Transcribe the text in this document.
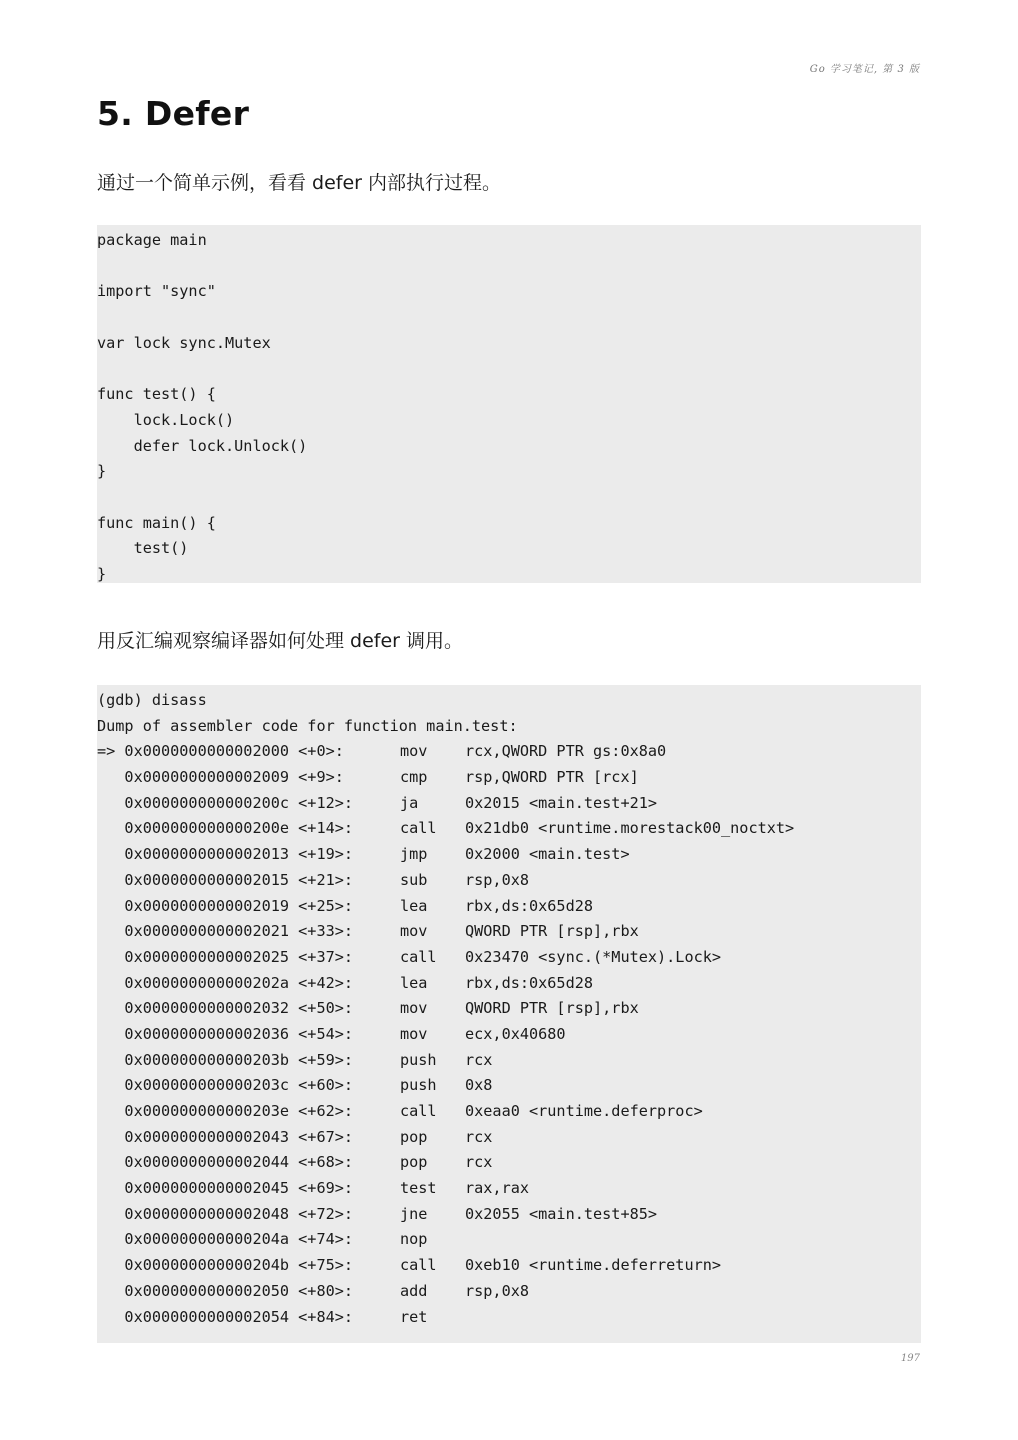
Go 学习笔记, 第 3 版
5. Defer

通过一个简单示例，看看 defer 内部执行过程。

package main
import "sync"
var lock sync.Mutex
func test() {
lock.Lock()
defer lock.Unlock()
}
func main() {
test()
}

用反汇编观察编译器如何处理 defer 调用。

(gdb) disass
Dump of assembler code for function main.test:
=> 0x0000000000002000 <+0>:	mov rcx,QWORD PTR gs:0x8a0
0x0000000000002009 <+9>:	cmp rsp,QWORD PTR [rcx]
0x000000000000200c <+12>:	ja	0x2015 <main.test+21>
0x000000000000200e <+14>:	call 0x21db0 <runtime.morestack00_noctxt>
0x0000000000002013 <+19>:	jmp 0x2000 <main.test>
0x0000000000002015 <+21>:	sub rsp,0x8
0x0000000000002019 <+25>:	lea rbx,ds:0x65d28
0x0000000000002021 <+33>:	mov QWORD PTR [rsp],rbx
0x0000000000002025 <+37>:	call 0x23470 <sync.(*Mutex).Lock>
0x000000000000202a <+42>:	lea rbx,ds:0x65d28
0x0000000000002032 <+50>:	mov QWORD PTR [rsp],rbx
0x0000000000002036 <+54>:	mov ecx,0x40680
0x000000000000203b <+59>:	push rcx
0x000000000000203c <+60>:	push 0x8
0x000000000000203e <+62>:	call 0xeaa0 <runtime.deferproc>
0x0000000000002043 <+67>:	pop rcx
0x0000000000002044 <+68>:	pop rcx
0x0000000000002045 <+69>:	test rax,rax
0x0000000000002048 <+72>:	jne 0x2055 <main.test+85>
0x000000000000204a <+74>:	nop
0x000000000000204b <+75>:	call 0xeb10 <runtime.deferreturn>
0x0000000000002050 <+80>:	add rsp,0x8
0x0000000000002054 <+84>:	ret
197
